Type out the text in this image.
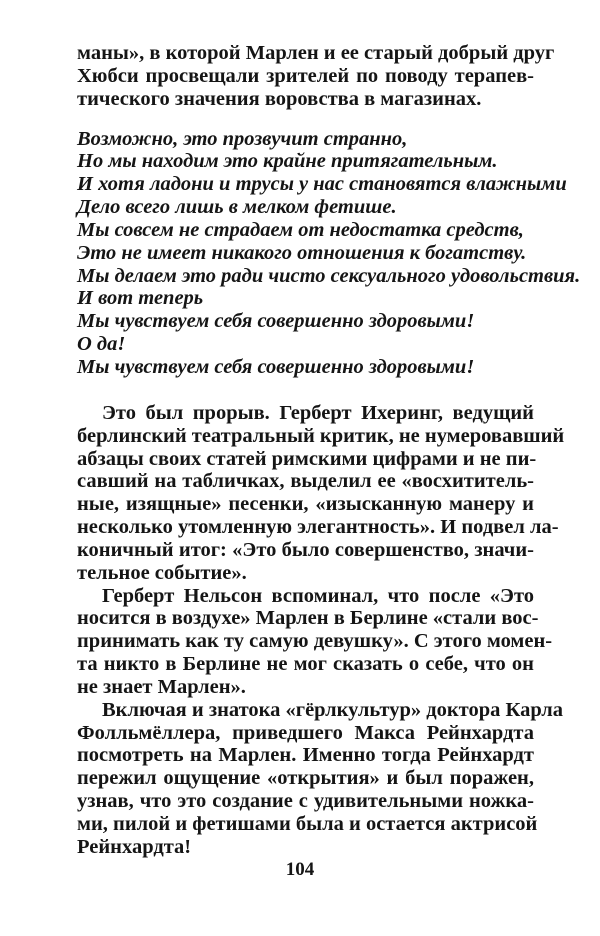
маны», в которой Марлен и ее старый добрый друг
Хюбси просвещали зрителей по поводу терапев-
тического значения воровства в магазинах.
Возможно, это прозвучит странно,
Но мы находим это крайне притягательным.
И хотя ладони и трусы у нас становятся влажными
Дело всего лишь в мелком фетише.
Мы совсем не страдаем от недостатка средств,
Это не имеет никакого отношения к богатству.
Мы делаем это ради чисто сексуального удовольствия.
И вот теперь
Мы чувствуем себя совершенно здоровыми!
О да!
Мы чувствуем себя совершенно здоровыми!
Это был прорыв. Герберт Ихеринг, ведущий
берлинский театральный критик, не нумеровавший
абзацы своих статей римскими цифрами и не пи-
савший на табличках, выделил ее «восхититель-
ные, изящные» песенки, «изысканную манеру и
несколько утомленную элегантность». И подвел ла-
коничный итог: «Это было совершенство, значи-
тельное событие».
Герберт Нельсон вспоминал, что после «Это
носится в воздухе» Марлен в Берлине «стали вос-
принимать как ту самую девушку». С этого момен-
та никто в Берлине не мог сказать о себе, что он
не знает Марлен».
Включая и знатока «гёрлкультур» доктора Карла
Фолльмёллера, приведшего Макса Рейнхардта
посмотреть на Марлен. Именно тогда Рейнхардт
пережил ощущение «открытия» и был поражен,
узнав, что это создание с удивительными ножка-
ми, пилой и фетишами была и остается актрисой
Рейнхардта!
104
